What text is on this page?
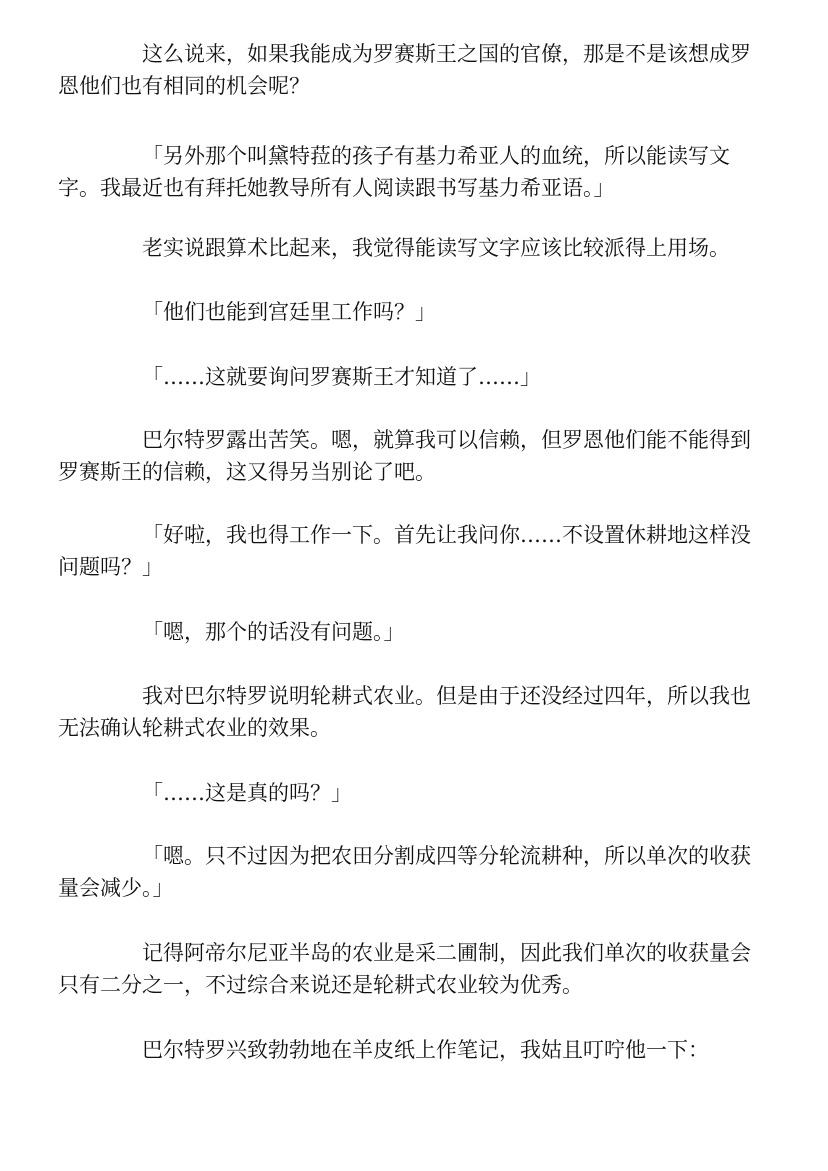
这么说来，如果我能成为罗赛斯王之国的官僚，那是不是该想成罗恩他们也有相同的机会呢？

「另外那个叫黛特菈的孩子有基力希亚人的血统，所以能读写文字。我最近也有拜托她教导所有人阅读跟书写基力希亚语。」

老实说跟算术比起来，我觉得能读写文字应该比较派得上用场。

「他们也能到宫廷里工作吗？」

「……这就要询问罗赛斯王才知道了……」

巴尔特罗露出苦笑。嗯，就算我可以信赖，但罗恩他们能不能得到罗赛斯王的信赖，这又得另当别论了吧。

「好啦，我也得工作一下。首先让我问你……不设置休耕地这样没问题吗？」

「嗯，那个的话没有问题。」

我对巴尔特罗说明轮耕式农业。但是由于还没经过四年，所以我也无法确认轮耕式农业的效果。

「……这是真的吗？」

「嗯。只不过因为把农田分割成四等分轮流耕种，所以单次的收获量会减少。」

记得阿帝尔尼亚半岛的农业是采二圃制，因此我们单次的收获量会只有二分之一，不过综合来说还是轮耕式农业较为优秀。

巴尔特罗兴致勃勃地在羊皮纸上作笔记，我姑且叮咛他一下：
